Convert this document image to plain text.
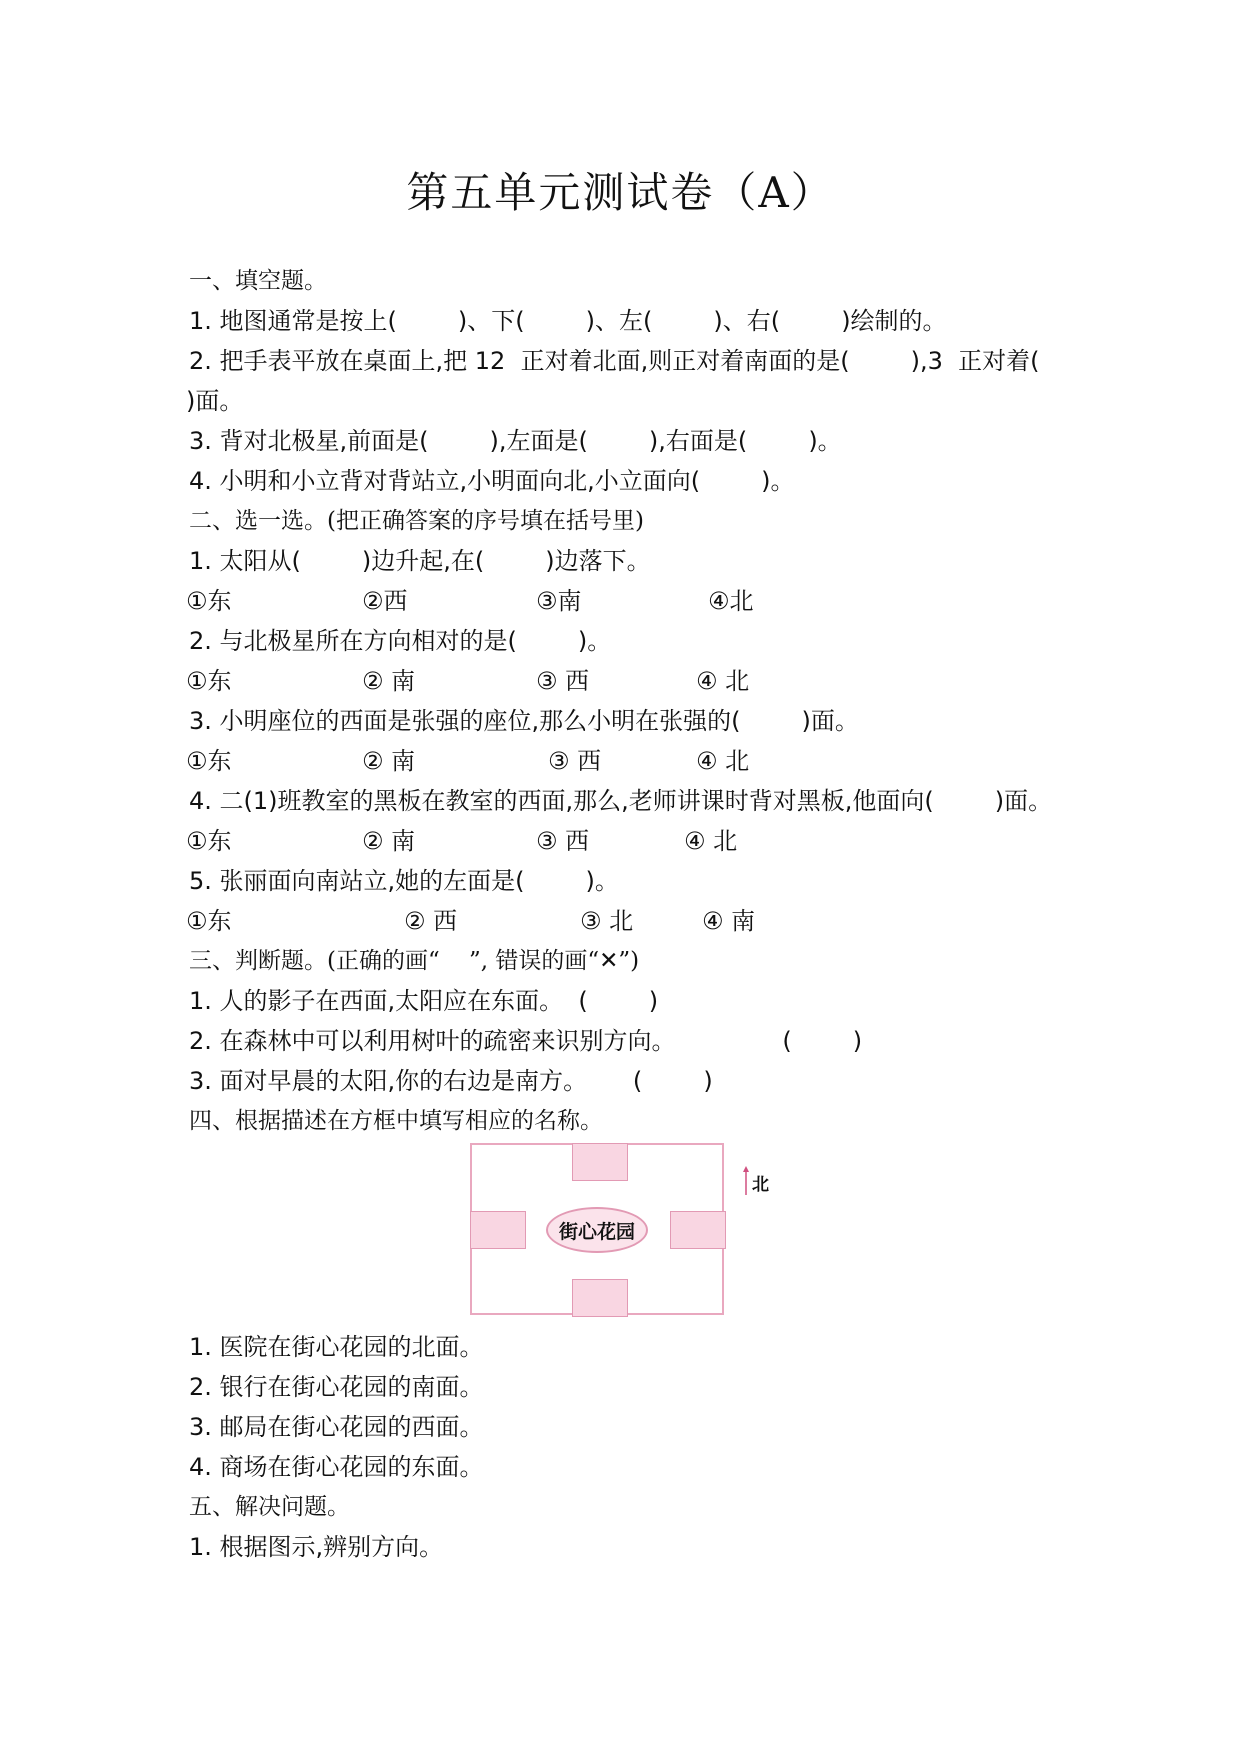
第五单元测试卷（A）
一、填空题。
1. 地图通常是按上(        )、下(        )、左(        )、右(        )绘制的。
2. 把手表平放在桌面上,把 12  正对着北面,则正对着南面的是(        ),3  正对着(
)面。
3. 背对北极星,前面是(        ),左面是(        ),右面是(        )。
4. 小明和小立背对背站立,小明面向北,小立面向(        )。
二、选一选。(把正确答案的序号填在括号里)
1. 太阳从(        )边升起,在(        )边落下。
①东	②西	③南	④北
2. 与北极星所在方向相对的是(        )。
①东	② 南	③ 西	④ 北
3. 小明座位的西面是张强的座位,那么小明在张强的(        )面。
①东	② 南	③ 西	④ 北
4. 二(1)班教室的黑板在教室的西面,那么,老师讲课时背对黑板,他面向(        )面。
①东	② 南	③ 西	④ 北
5. 张丽面向南站立,她的左面是(        )。
①东	② 西	③ 北	④ 南
三、判断题。(正确的画“    ”, 错误的画“✕”)
1. 人的影子在西面,太阳应在东面。  (        )
2. 在森林中可以利用树叶的疏密来识别方向。              (        )
3. 面对早晨的太阳,你的右边是南方。      (        )
四、根据描述在方框中填写相应的名称。
街心花园
北
1. 医院在街心花园的北面。
2. 银行在街心花园的南面。
3. 邮局在街心花园的西面。
4. 商场在街心花园的东面。
五、解决问题。
1. 根据图示,辨别方向。
